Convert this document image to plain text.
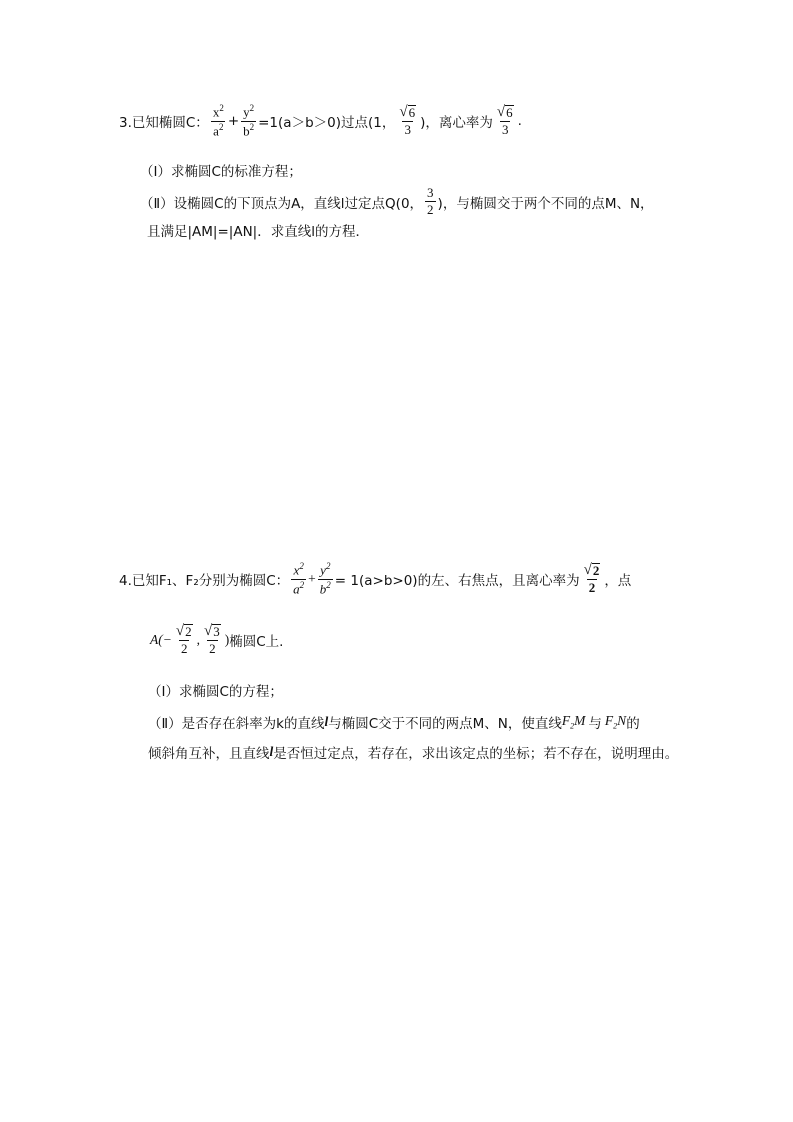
3.已知椭圆C： $\frac{x^2}{a^2} + \frac{y^2}{b^2} =1(a>b>0)$过点(1， $\frac{√ 6}{3}$ )，离心率为 $\frac{√ 6}{3}$ .
（I）求椭圆C的标准方程；
（Ⅱ）设椭圆C的下顶点为A，直线l过定点Q(0， $\frac{3}{2}$ )，与椭圆交于两个不同的点M、N，
且满足|AM|=|AN|．求直线l的方程．
4.已知F₁、F₂分别为椭圆C： $\frac{x^2}{a^2} + \frac{y^2}{b^2} = 1(a>b>0)$的左、右焦点，且离心率为 $\frac{√ 2}{2}$ ，点
$A(- \frac{√ 2}{2}$ , $\frac{√ 3}{2}$ ) 椭圆C上.
（Ⅰ）求椭圆C的方程；
（Ⅱ）是否存在斜率为k的直线 l 与椭圆C交于不同的两点M、N，使直线 $F_2M$ 与 $F_2N$ 的
倾斜角互补，且直线 l 是否恒过定点，若存在，求出该定点的坐标；若不存在，说明理由。
